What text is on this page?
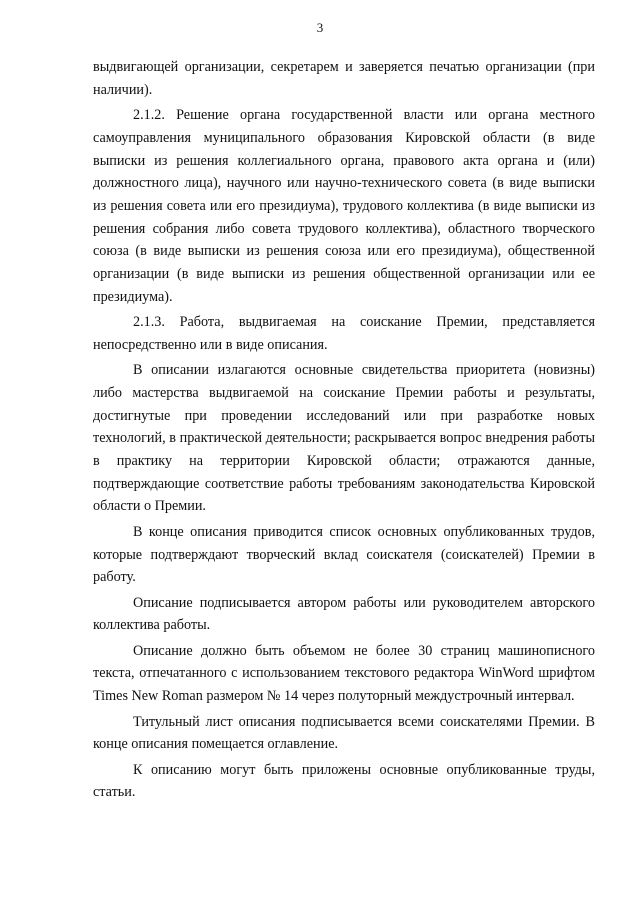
3

выдвигающей организации, секретарем и заверяется печатью организации (при наличии).

2.1.2. Решение органа государственной власти или органа местного самоуправления муниципального образования Кировской области (в виде выписки из решения коллегиального органа, правового акта органа и (или) должностного лица), научного или научно-технического совета (в виде выписки из решения совета или его президиума), трудового коллектива (в виде выписки из решения собрания либо совета трудового коллектива), областного творческого союза (в виде выписки из решения союза или его президиума), общественной организации (в виде выписки из решения общественной организации или ее президиума).

2.1.3. Работа, выдвигаемая на соискание Премии, представляется непосредственно или в виде описания.

В описании излагаются основные свидетельства приоритета (новизны) либо мастерства выдвигаемой на соискание Премии работы и результаты, достигнутые при проведении исследований или при разработке новых технологий, в практической деятельности; раскрывается вопрос внедрения работы в практику на территории Кировской области; отражаются данные, подтверждающие соответствие работы требованиям законодательства Кировской области о Премии.

В конце описания приводится список основных опубликованных трудов, которые подтверждают творческий вклад соискателя (соискателей) Премии в работу.

Описание подписывается автором работы или руководителем авторского коллектива работы.

Описание должно быть объемом не более 30 страниц машинописного текста, отпечатанного с использованием текстового редактора WinWord шрифтом Times New Roman размером № 14 через полуторный междустрочный интервал.

Титульный лист описания подписывается всеми соискателями Премии. В конце описания помещается оглавление.

К описанию могут быть приложены основные опубликованные труды, статьи.
